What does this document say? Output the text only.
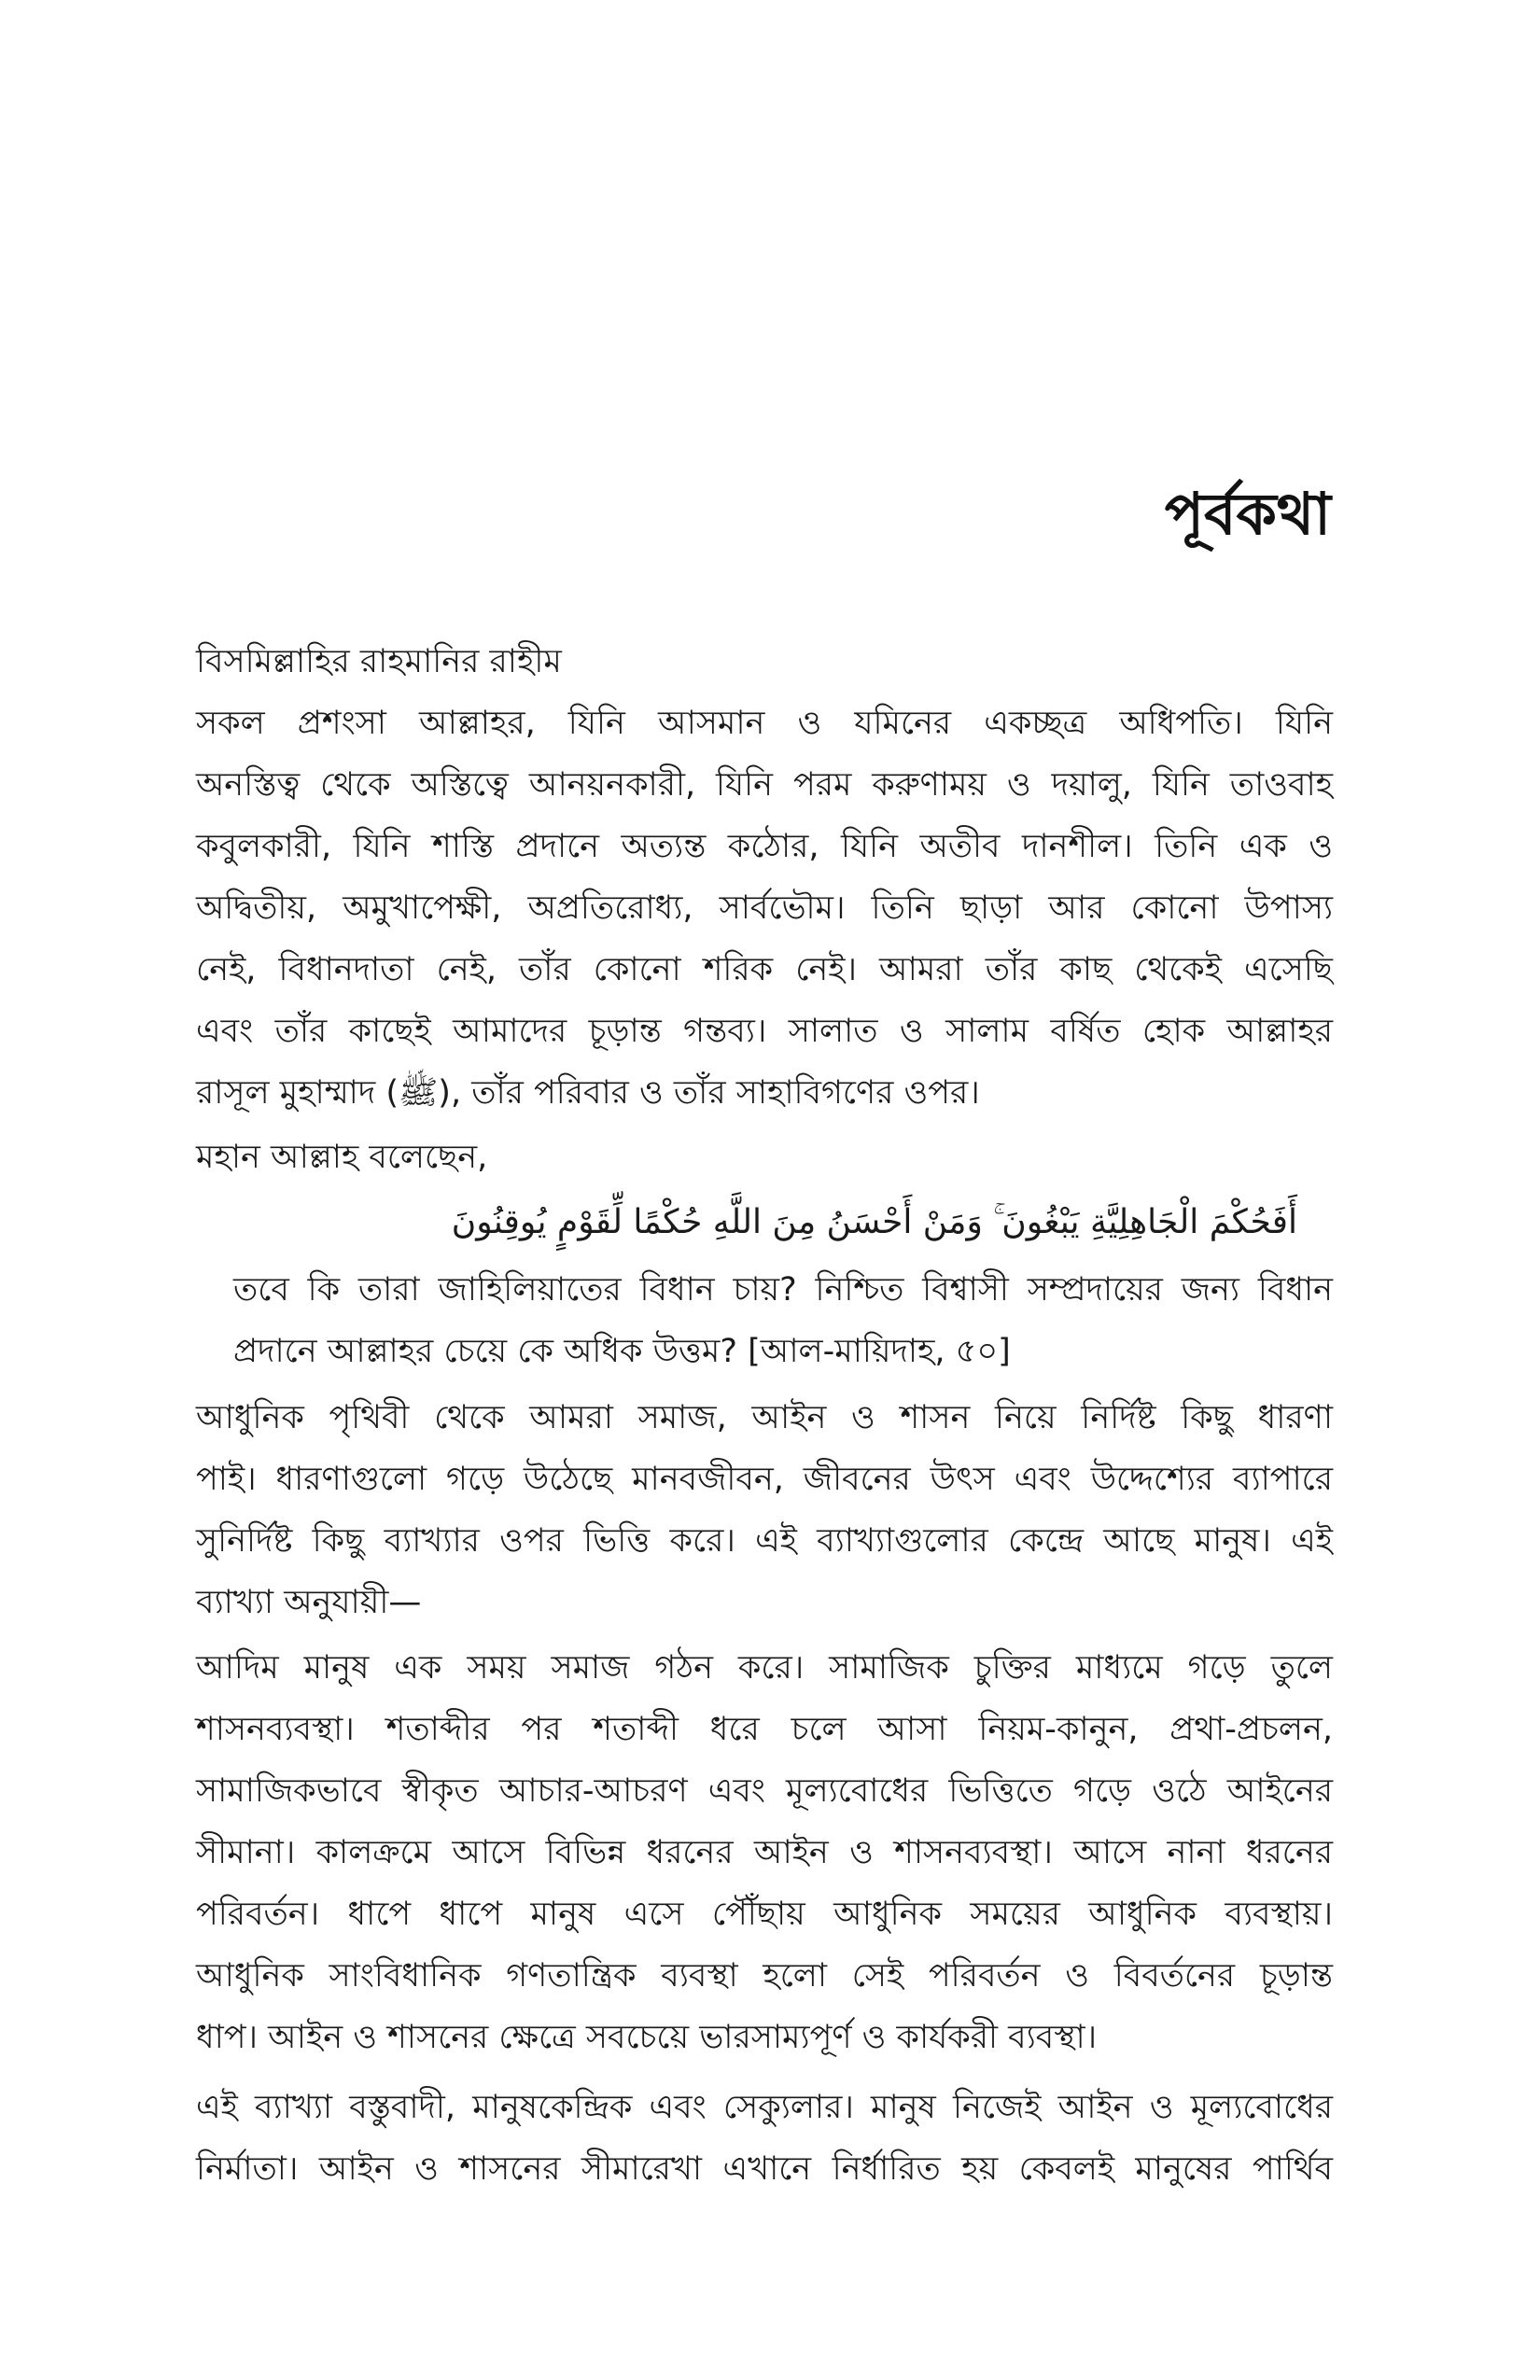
পূর্বকথা
বিসমিল্লাহির রাহমানির রাহীম
সকল প্রশংসা আল্লাহর, যিনি আসমান ও যমিনের একচ্ছত্র অধিপতি। যিনি
অনস্তিত্ব থেকে অস্তিত্বে আনয়নকারী, যিনি পরম করুণাময় ও দয়ালু, যিনি তাওবাহ
কবুলকারী, যিনি শাস্তি প্রদানে অত্যন্ত কঠোর, যিনি অতীব দানশীল। তিনি এক ও
অদ্বিতীয়, অমুখাপেক্ষী, অপ্রতিরোধ্য, সার্বভৌম। তিনি ছাড়া আর কোনো উপাস্য
নেই, বিধানদাতা নেই, তাঁর কোনো শরিক নেই। আমরা তাঁর কাছ থেকেই এসেছি
এবং তাঁর কাছেই আমাদের চূড়ান্ত গন্তব্য। সালাত ও সালাম বর্ষিত হোক আল্লাহর
রাসূল মুহাম্মাদ (ﷺ), তাঁর পরিবার ও তাঁর সাহাবিগণের ওপর।
মহান আল্লাহ বলেছেন,
তবে কি তারা জাহিলিয়াতের বিধান চায়? নিশ্চিত বিশ্বাসী সম্প্রদায়ের জন্য বিধান
প্রদানে আল্লাহর চেয়ে কে অধিক উত্তম? [আল-মায়িদাহ, ৫০]
আধুনিক পৃথিবী থেকে আমরা সমাজ, আইন ও শাসন নিয়ে নির্দিষ্ট কিছু ধারণা
পাই। ধারণাগুলো গড়ে উঠেছে মানবজীবন, জীবনের উৎস এবং উদ্দেশ্যের ব্যাপারে
সুনির্দিষ্ট কিছু ব্যাখ্যার ওপর ভিত্তি করে। এই ব্যাখ্যাগুলোর কেন্দ্রে আছে মানুষ। এই
ব্যাখ্যা অনুযায়ী—
আদিম মানুষ এক সময় সমাজ গঠন করে। সামাজিক চুক্তির মাধ্যমে গড়ে তুলে
শাসনব্যবস্থা। শতাব্দীর পর শতাব্দী ধরে চলে আসা নিয়ম-কানুন, প্রথা-প্রচলন,
সামাজিকভাবে স্বীকৃত আচার-আচরণ এবং মূল্যবোধের ভিত্তিতে গড়ে ওঠে আইনের
সীমানা। কালক্রমে আসে বিভিন্ন ধরনের আইন ও শাসনব্যবস্থা। আসে নানা ধরনের
পরিবর্তন। ধাপে ধাপে মানুষ এসে পৌঁছায় আধুনিক সময়ের আধুনিক ব্যবস্থায়।
আধুনিক সাংবিধানিক গণতান্ত্রিক ব্যবস্থা হলো সেই পরিবর্তন ও বিবর্তনের চূড়ান্ত
ধাপ। আইন ও শাসনের ক্ষেত্রে সবচেয়ে ভারসাম্যপূর্ণ ও কার্যকরী ব্যবস্থা।
এই ব্যাখ্যা বস্তুবাদী, মানুষকেন্দ্রিক এবং সেক্যুলার। মানুষ নিজেই আইন ও মূল্যবোধের
নির্মাতা। আইন ও শাসনের সীমারেখা এখানে নির্ধারিত হয় কেবলই মানুষের পার্থিব
أَفَحُكْمَ الْجَاهِلِيَّةِ يَبْغُونَ ۚ وَمَنْ أَحْسَنُ مِنَ اللَّهِ حُكْمًا لِّقَوْمٍ يُوقِنُونَ
